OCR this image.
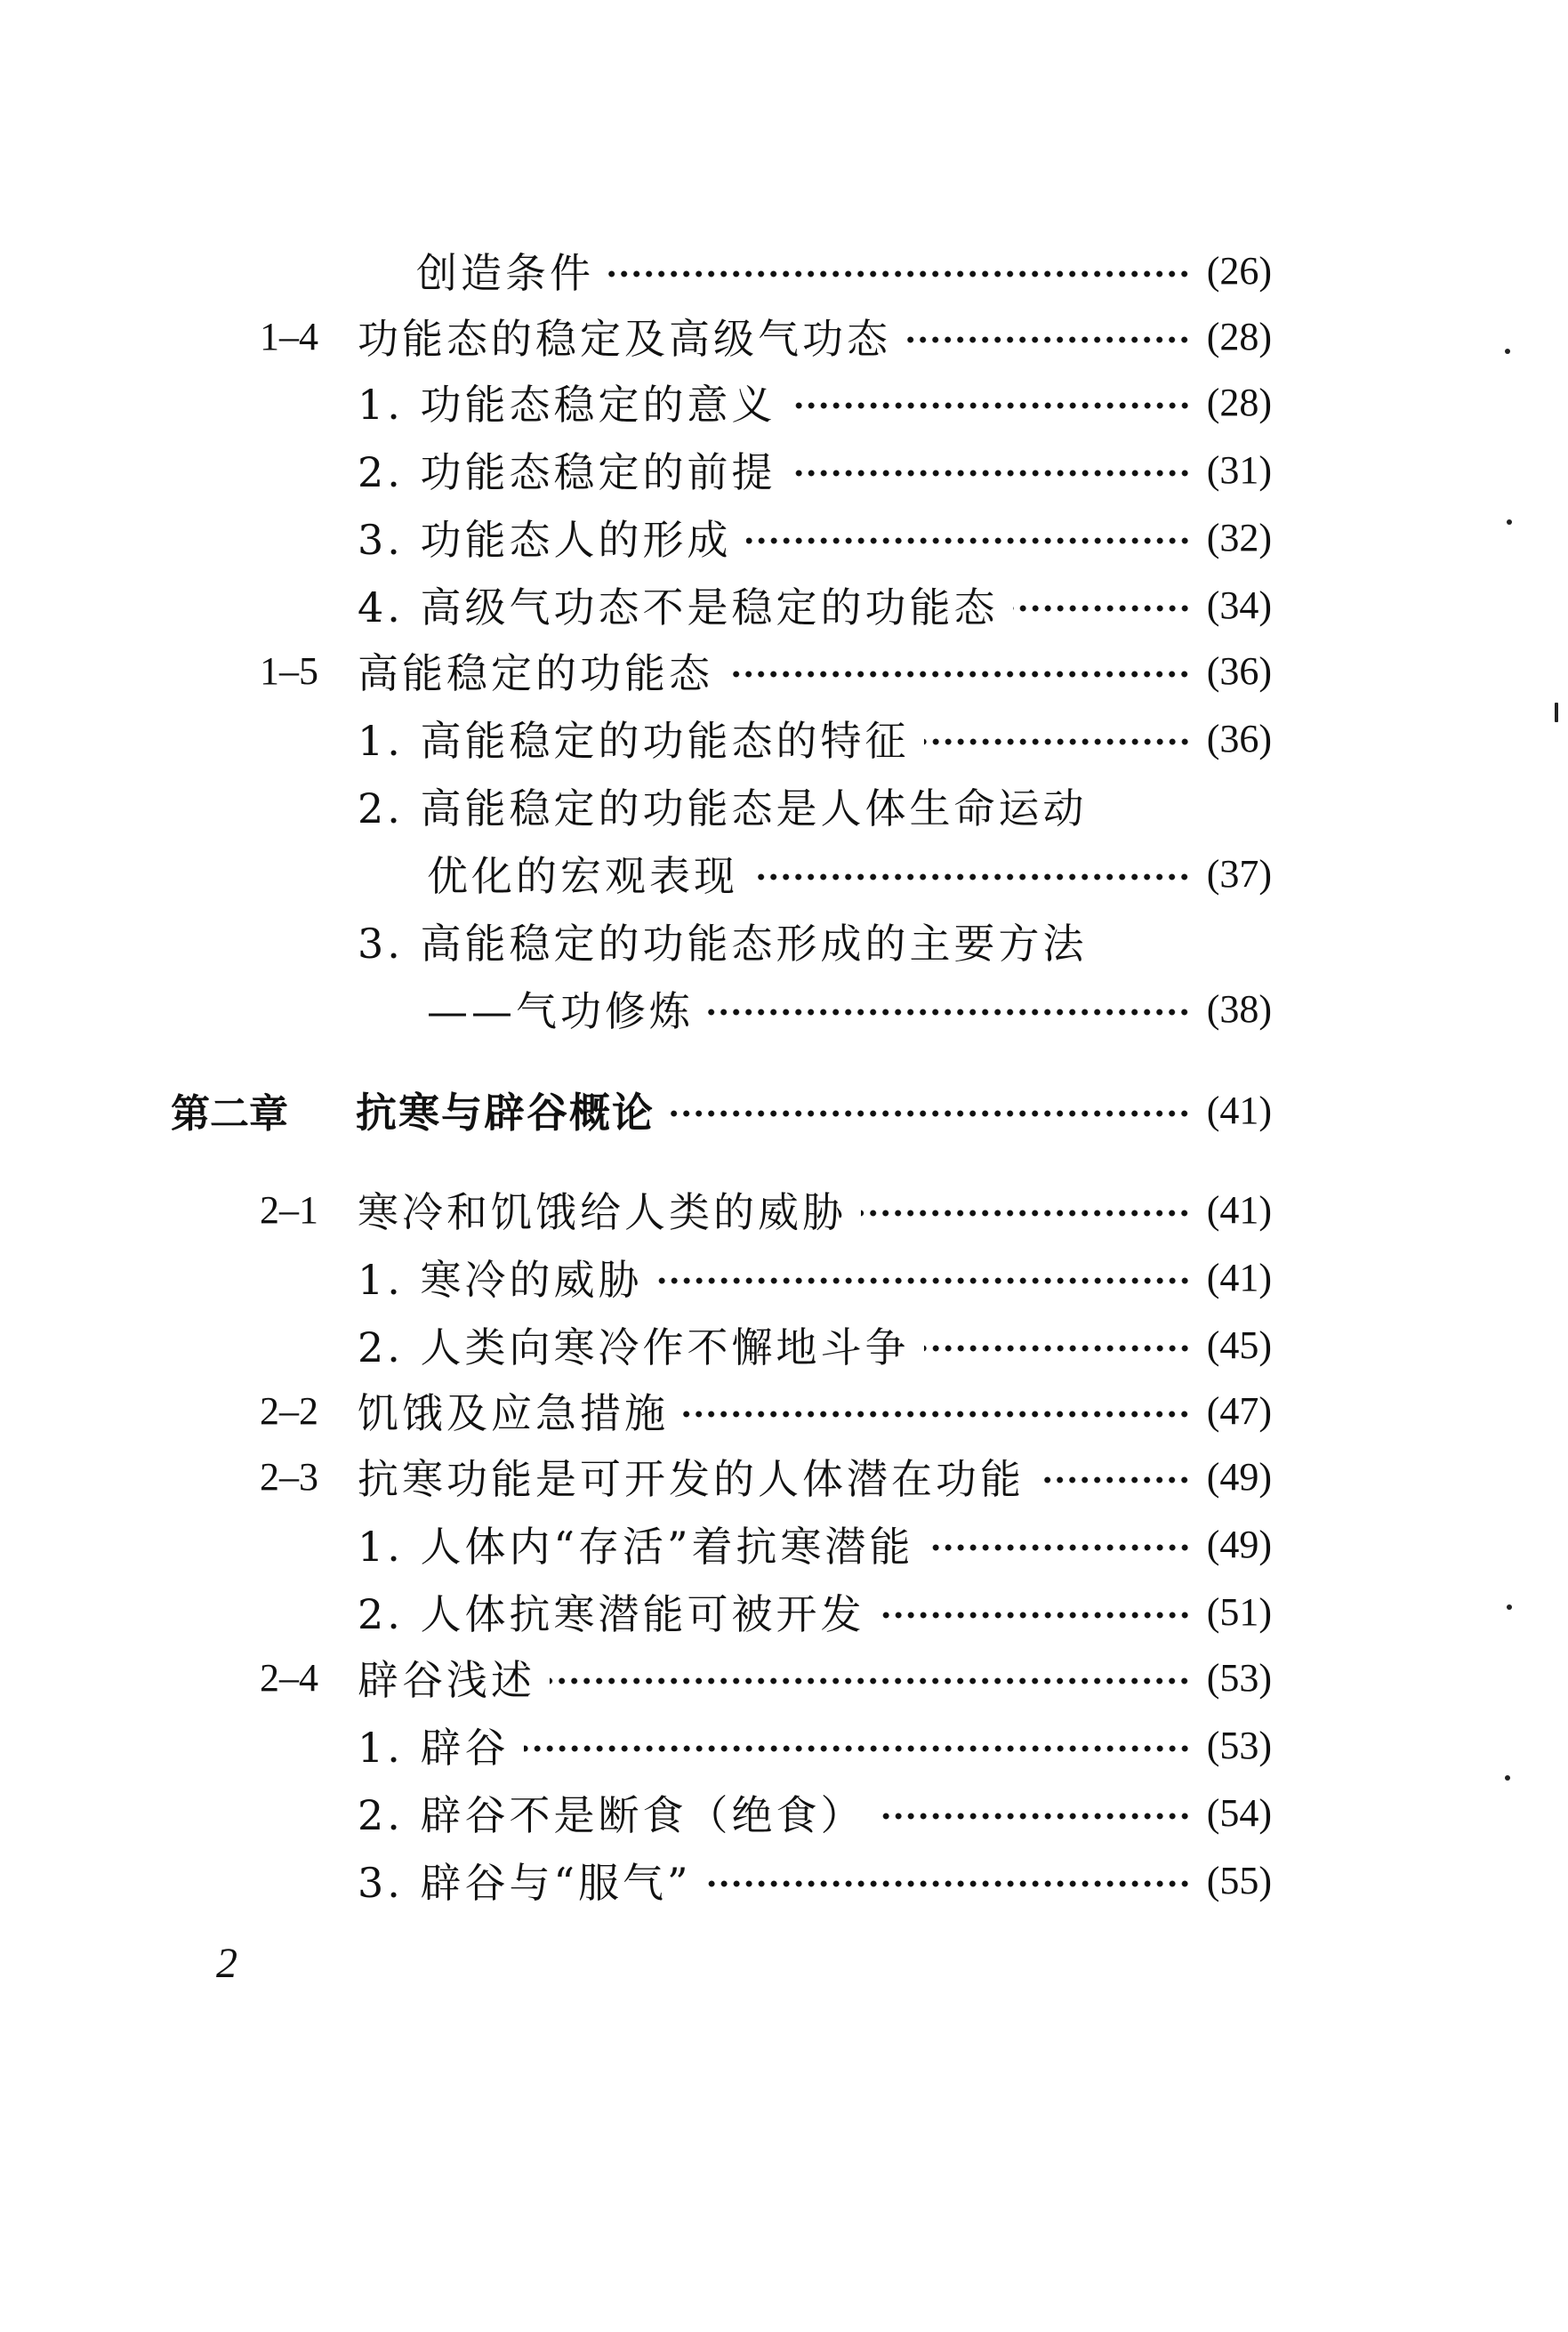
创造条件	(26)
1–4 功能态的稳定及高级气功态	(28)
1. 功能态稳定的意义	(28)
2. 功能态稳定的前提	(31)
3. 功能态人的形成	(32)
4. 高级气功态不是稳定的功能态	(34)
1–5 高能稳定的功能态	(36)
1. 高能稳定的功能态的特征	(36)
2. 高能稳定的功能态是人体生命运动
优化的宏观表现	(37)
3. 高能稳定的功能态形成的主要方法
——气功修炼	(38)
第二章	抗寒与辟谷概论	(41)
2–1 寒冷和饥饿给人类的威胁	(41)
1. 寒冷的威胁	(41)
2. 人类向寒冷作不懈地斗争	(45)
2–2 饥饿及应急措施	(47)
2–3 抗寒功能是可开发的人体潜在功能	(49)
1. 人体内“存活”着抗寒潜能	(49)
2. 人体抗寒潜能可被开发	(51)
2–4 辟谷浅述	(53)
1. 辟谷	(53)
2. 辟谷不是断食（绝食）	(54)
3. 辟谷与“服气”	(55)
2
